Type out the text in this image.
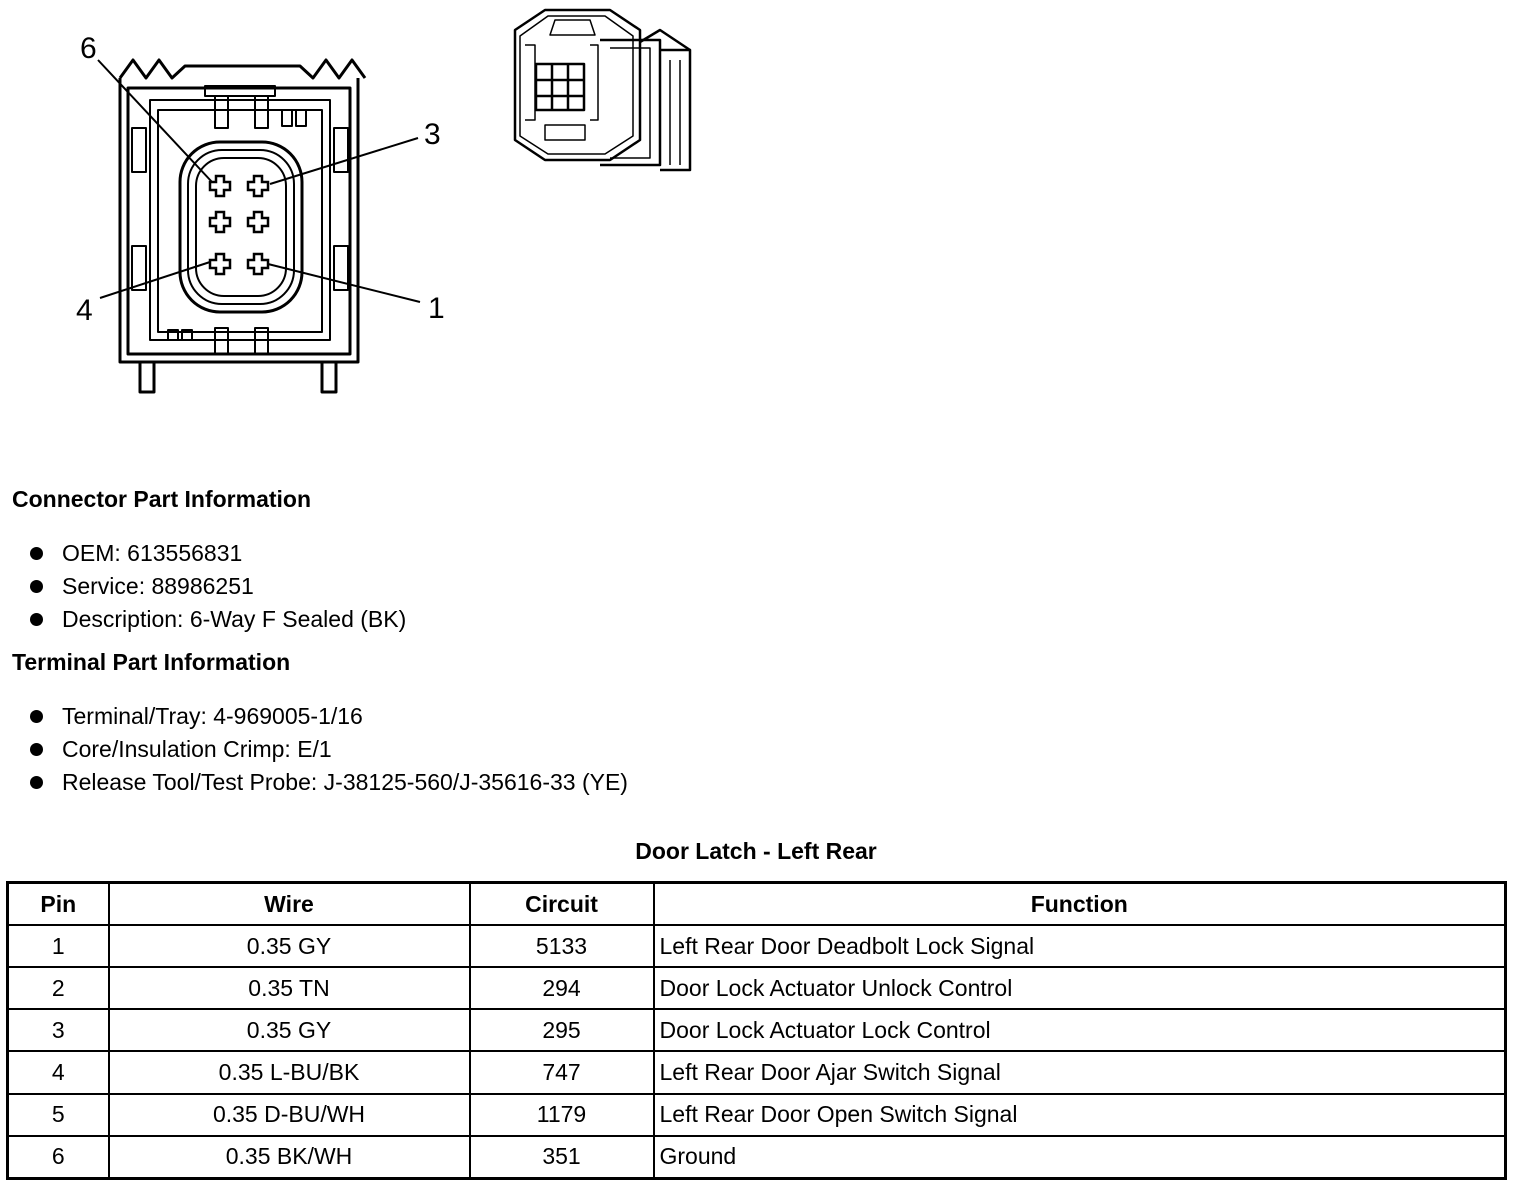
6
3
4	1
Connector Part Information
OEM: 613556831
Service: 88986251
Description: 6-Way F Sealed (BK)
Terminal Part Information
Terminal/Tray: 4-969005-1/16
Core/Insulation Crimp: E/1
Release Tool/Test Probe: J-38125-560/J-35616-33 (YE)
Door Latch - Left Rear
Pin	Wire	Circuit	Function
1	0.35 GY	5133	Left Rear Door Deadbolt Lock Signal
2	0.35 TN	294	Door Lock Actuator Unlock Control
3	0.35 GY	295	Door Lock Actuator Lock Control
4	0.35 L-BU/BK	747	Left Rear Door Ajar Switch Signal
5	0.35 D-BU/WH	1179	Left Rear Door Open Switch Signal
6	0.35 BK/WH	351	Ground
